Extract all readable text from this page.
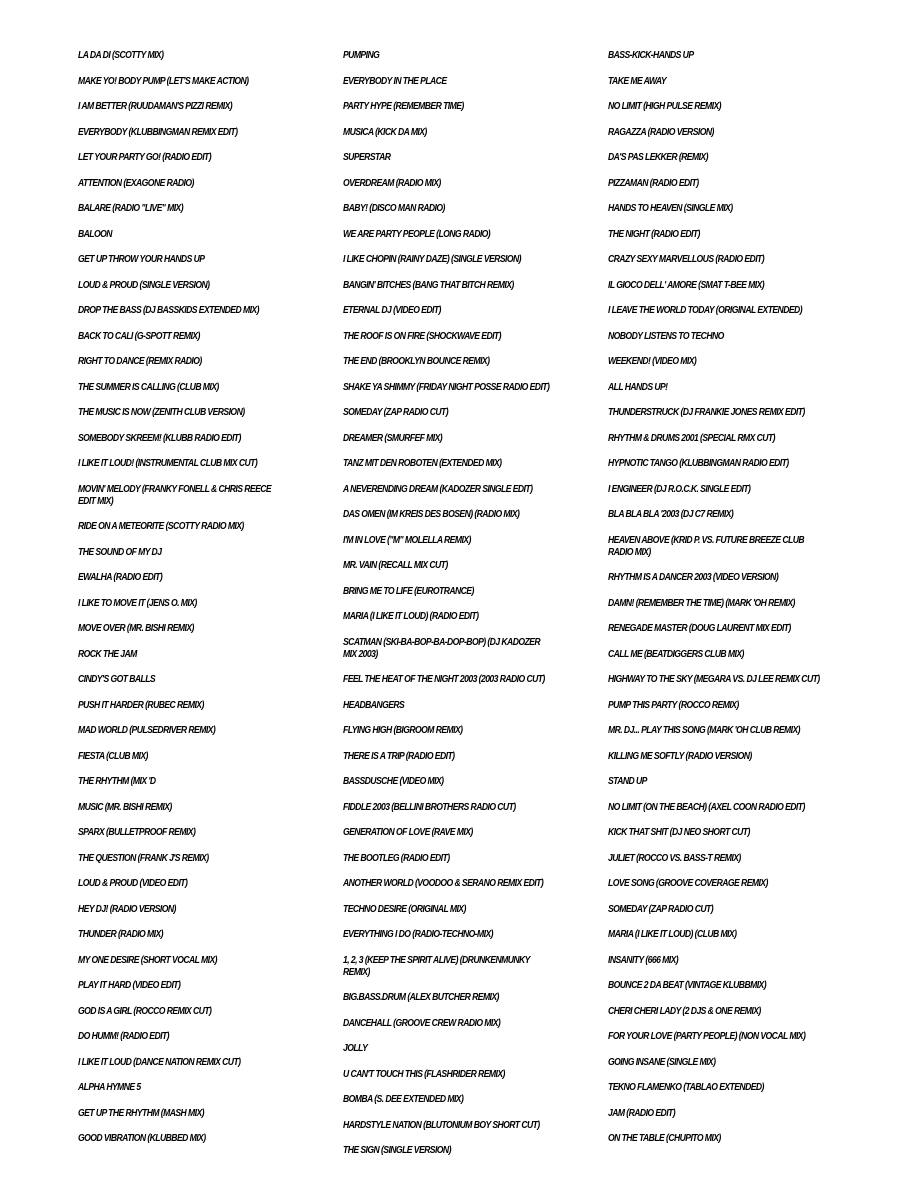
LA DA DI (SCOTTY MIX)
MAKE YO! BODY PUMP (LET'S MAKE ACTION)
I AM BETTER (RUUDAMAN'S PIZZI REMIX)
EVERYBODY (KLUBBINGMAN REMIX EDIT)
LET YOUR PARTY GO! (RADIO EDIT)
ATTENTION (EXAGONE RADIO)
BALARE (RADIO "LIVE" MIX)
BALOON
GET UP THROW YOUR HANDS UP
LOUD & PROUD (SINGLE VERSION)
DROP THE BASS (DJ BASSKIDS EXTENDED MIX)
BACK TO CALI (G-SPOTT REMIX)
RIGHT TO DANCE (REMIX RADIO)
THE SUMMER IS CALLING (CLUB MIX)
THE MUSIC IS NOW (ZENITH CLUB VERSION)
SOMEBODY SKREEM! (KLUBB RADIO EDIT)
I LIKE IT LOUD! (INSTRUMENTAL CLUB MIX CUT)
MOVIN' MELODY (FRANKY FONELL & CHRIS REECE EDIT MIX)
RIDE ON A METEORITE (SCOTTY RADIO MIX)
THE SOUND OF MY DJ
EWALHA (RADIO EDIT)
I LIKE TO MOVE IT (JENS O. MIX)
MOVE OVER (MR. BISHI REMIX)
ROCK THE JAM
CINDY'S GOT BALLS
PUSH IT HARDER (RUBEC REMIX)
MAD WORLD (PULSEDRIVER REMIX)
FIESTA (CLUB MIX)
THE RHYTHM (MIX 'D
MUSIC (MR. BISHI REMIX)
SPARX (BULLETPROOF REMIX)
THE QUESTION (FRANK J'S REMIX)
LOUD & PROUD (VIDEO EDIT)
HEY DJ! (RADIO VERSION)
THUNDER (RADIO MIX)
MY ONE DESIRE (SHORT VOCAL MIX)
PLAY IT HARD (VIDEO EDIT)
GOD IS A GIRL (ROCCO REMIX CUT)
DO HUMM! (RADIO EDIT)
I LIKE IT LOUD (DANCE NATION REMIX CUT)
ALPHA HYMNE 5
GET UP THE RHYTHM (MASH MIX)
GOOD VIBRATION (KLUBBED MIX)
PUMPING
EVERYBODY IN THE PLACE
PARTY HYPE (REMEMBER TIME)
MUSICA (KICK DA MIX)
SUPERSTAR
OVERDREAM (RADIO MIX)
BABY! (DISCO MAN RADIO)
WE ARE PARTY PEOPLE (LONG RADIO)
I LIKE CHOPIN (RAINY DAZE) (SINGLE VERSION)
BANGIN' BITCHES (BANG THAT BITCH REMIX)
ETERNAL DJ (VIDEO EDIT)
THE ROOF IS ON FIRE (SHOCKWAVE EDIT)
THE END (BROOKLYN BOUNCE REMIX)
SHAKE YA SHIMMY (FRIDAY NIGHT POSSE RADIO EDIT)
SOMEDAY (ZAP RADIO CUT)
DREAMER (SMURFEF MIX)
TANZ MIT DEN ROBOTEN (EXTENDED MIX)
A NEVERENDING DREAM (KADOZER SINGLE EDIT)
DAS OMEN (IM KREIS DES BOSEN) (RADIO MIX)
I'M IN LOVE ("M" MOLELLA REMIX)
MR. VAIN (RECALL MIX CUT)
BRING ME TO LIFE (EUROTRANCE)
MARIA (I LIKE IT LOUD) (RADIO EDIT)
SCATMAN (SKI-BA-BOP-BA-DOP-BOP) (DJ KADOZER MIX 2003)
FEEL THE HEAT OF THE NIGHT 2003 (2003 RADIO CUT)
HEADBANGERS
FLYING HIGH (BIGROOM REMIX)
THERE IS A TRIP (RADIO EDIT)
BASSDUSCHE (VIDEO MIX)
FIDDLE 2003 (BELLINI BROTHERS RADIO CUT)
GENERATION OF LOVE (RAVE MIX)
THE BOOTLEG (RADIO EDIT)
ANOTHER WORLD (VOODOO & SERANO REMIX EDIT)
TECHNO DESIRE (ORIGINAL MIX)
EVERYTHING I DO (RADIO-TECHNO-MIX)
1, 2, 3 (KEEP THE SPIRIT ALIVE) (DRUNKENMUNKY REMIX)
BIG.BASS.DRUM (ALEX BUTCHER REMIX)
DANCEHALL (GROOVE CREW RADIO MIX)
JOLLY
U CAN'T TOUCH THIS (FLASHRIDER REMIX)
BOMBA (S. DEE EXTENDED MIX)
HARDSTYLE NATION (BLUTONIUM BOY SHORT CUT)
THE SIGN (SINGLE VERSION)
BASS-KICK-HANDS UP
TAKE ME AWAY
NO LIMIT (HIGH PULSE REMIX)
RAGAZZA (RADIO VERSION)
DA'S PAS LEKKER (REMIX)
PIZZAMAN (RADIO EDIT)
HANDS TO HEAVEN (SINGLE MIX)
THE NIGHT (RADIO EDIT)
CRAZY SEXY MARVELLOUS (RADIO EDIT)
IL GIOCO DELL' AMORE (SMAT T-BEE MIX)
I LEAVE THE WORLD TODAY (ORIGINAL EXTENDED)
NOBODY LISTENS TO TECHNO
WEEKEND! (VIDEO MIX)
ALL HANDS UP!
THUNDERSTRUCK (DJ FRANKIE JONES REMIX EDIT)
RHYTHM & DRUMS 2001 (SPECIAL RMX CUT)
HYPNOTIC TANGO (KLUBBINGMAN RADIO EDIT)
I ENGINEER (DJ R.O.C.K. SINGLE EDIT)
BLA BLA BLA '2003 (DJ C7 REMIX)
HEAVEN ABOVE (KRID P. VS. FUTURE BREEZE CLUB RADIO MIX)
RHYTHM IS A DANCER 2003 (VIDEO VERSION)
DAMN! (REMEMBER THE TIME) (MARK 'OH REMIX)
RENEGADE MASTER (DOUG LAURENT MIX EDIT)
CALL ME (BEATDIGGERS CLUB MIX)
HIGHWAY TO THE SKY (MEGARA VS. DJ LEE REMIX CUT)
PUMP THIS PARTY (ROCCO REMIX)
MR. DJ... PLAY THIS SONG (MARK 'OH CLUB REMIX)
KILLING ME SOFTLY (RADIO VERSION)
STAND UP
NO LIMIT (ON THE BEACH) (AXEL COON RADIO EDIT)
KICK THAT SHIT (DJ NEO SHORT CUT)
JULIET (ROCCO VS. BASS-T REMIX)
LOVE SONG (GROOVE COVERAGE REMIX)
SOMEDAY (ZAP RADIO CUT)
MARIA (I LIKE IT LOUD) (CLUB MIX)
INSANITY (666 MIX)
BOUNCE 2 DA BEAT (VINTAGE KLUBBMIX)
CHERI CHERI LADY (2 DJS & ONE REMIX)
FOR YOUR LOVE (PARTY PEOPLE) (NON VOCAL MIX)
GOING INSANE (SINGLE MIX)
TEKNO FLAMENKO (TABLAO EXTENDED)
JAM (RADIO EDIT)
ON THE TABLE (CHUPITO MIX)
